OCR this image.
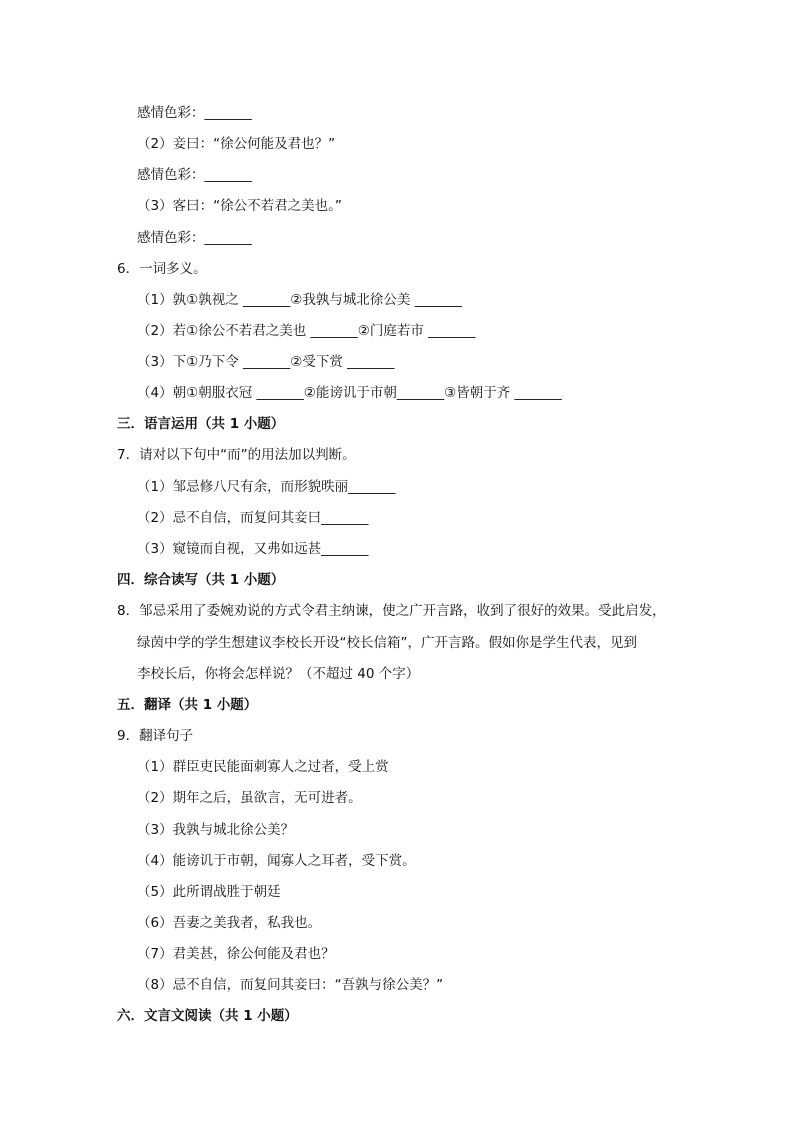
感情色彩：_______
（2）妾曰：“徐公何能及君也？”
感情色彩：_______
（3）客曰：“徐公不若君之美也。”
感情色彩：_______
6．一词多义。
（1）孰①孰视之 _______②我孰与城北徐公美 _______
（2）若①徐公不若君之美也 _______②门庭若市 _______
（3）下①乃下令 _______②受下赏 _______
（4）朝①朝服衣冠 _______②能谤讥于市朝_______③皆朝于齐 _______
三．语言运用（共 1 小题）
7．请对以下句中“而”的用法加以判断。
（1）邹忌修八尺有余，而形貌昳丽_______
（2）忌不自信，而复问其妾曰_______
（3）窥镜而自视，又弗如远甚_______
四．综合读写（共 1 小题）
8．邹忌采用了委婉劝说的方式令君主纳谏，使之广开言路，收到了很好的效果。受此启发，
绿茵中学的学生想建议李校长开设“校长信箱”，广开言路。假如你是学生代表，见到
李校长后，你将会怎样说？（不超过 40 个字）
五．翻译（共 1 小题）
9．翻译句子
（1）群臣吏民能面刺寡人之过者，受上赏
（2）期年之后，虽欲言，无可进者。
（3）我孰与城北徐公美？
（4）能谤讥于市朝，闻寡人之耳者，受下赏。
（5）此所谓战胜于朝廷
（6）吾妻之美我者，私我也。
（7）君美甚，徐公何能及君也？
（8）忌不自信，而复问其妾曰：“吾孰与徐公美？”
六．文言文阅读（共 1 小题）
